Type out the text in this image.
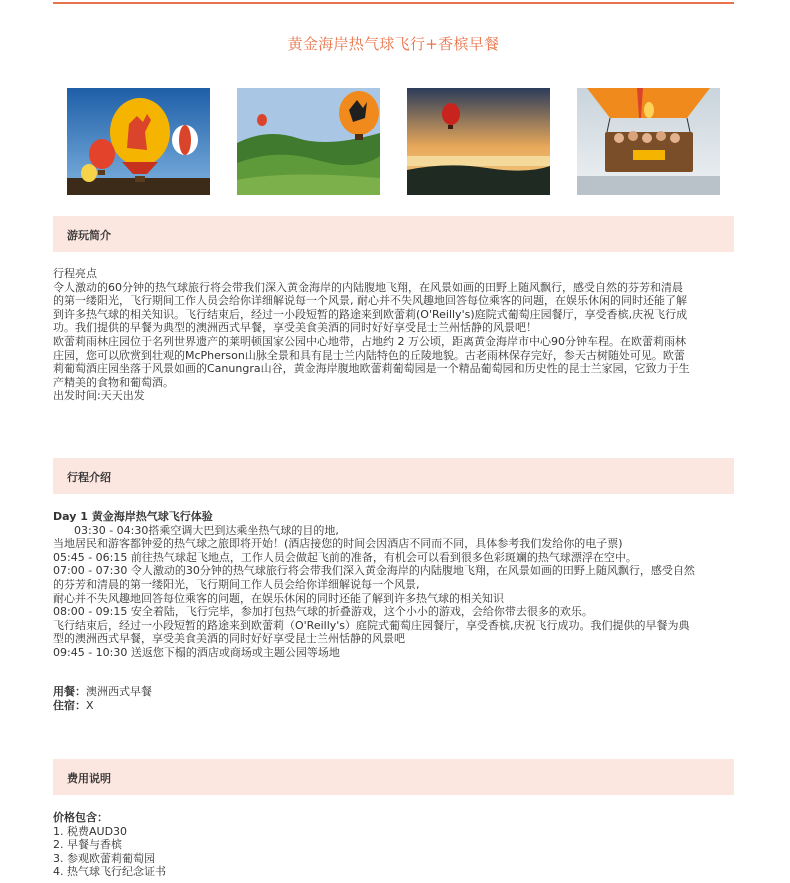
黄金海岸热气球飞行+香槟早餐
游玩简介

行程亮点

令人激动的60分钟的热气球旅行将会带我们深入黄金海岸的内陆腹地飞翔，在风景如画的田野上随风飘行，感受自然的芬芳和清晨

的第一缕阳光，飞行期间工作人员会给你详细解说每一个风景, 耐心并不失风趣地回答每位乘客的问题，在娱乐休闲的同时还能了解

到许多热气球的相关知识。飞行结束后，经过一小段短暂的路途来到欧蕾莉(O'Reilly's)庭院式葡萄庄园餐厅，享受香槟,庆祝飞行成

功。我们提供的早餐为典型的澳洲西式早餐，享受美食美酒的同时好好享受昆士兰州恬静的风景吧！

欧蕾莉雨林庄园位于名列世界遗产的莱明顿国家公园中心地带，占地约 2 万公顷，距离黄金海岸市中心90分钟车程。在欧蕾莉雨林

庄园，您可以欣赏到壮观的McPherson山脉全景和具有昆士兰内陆特色的丘陵地貌。古老雨林保存完好，参天古树随处可见。欧蕾

莉葡萄酒庄园坐落于风景如画的Canungra山谷，黄金海岸腹地欧蕾莉葡萄园是一个精品葡萄园和历史性的昆士兰家园，它致力于生

产精美的食物和葡萄酒。

出发时间:天天出发

行程介绍

Day 1 黄金海岸热气球飞行体验

03:30 - 04:30搭乘空调大巴到达乘坐热气球的目的地,

当地居民和游客都钟爱的热气球之旅即将开始！(酒店接您的时间会因酒店不同而不同，具体参考我们发给你的电子票)

05:45 - 06:15 前往热气球起飞地点，工作人员会做起飞前的准备，有机会可以看到很多色彩斑斓的热气球漂浮在空中。

07:00 - 07:30 令人激动的30分钟的热气球旅行将会带我们深入黄金海岸的内陆腹地飞翔，在风景如画的田野上随风飘行，感受自然

的芬芳和清晨的第一缕阳光，飞行期间工作人员会给你详细解说每一个风景,

耐心并不失风趣地回答每位乘客的问题，在娱乐休闲的同时还能了解到许多热气球的相关知识

08:00 - 09:15 安全着陆，飞行完毕，参加打包热气球的折叠游戏，这个小小的游戏，会给你带去很多的欢乐。

飞行结束后，经过一小段短暂的路途来到欧蕾莉（O'Reilly's）庭院式葡萄庄园餐厅，享受香槟,庆祝飞行成功。我们提供的早餐为典

型的澳洲西式早餐，享受美食美酒的同时好好享受昆士兰州恬静的风景吧

09:45 - 10:30 送返您下榻的酒店或商场或主题公园等场地

用餐：澳洲西式早餐

住宿：X

费用说明

价格包含：

1. 税费AUD30

2. 早餐与香槟

3. 参观欧蕾莉葡萄园

4. 热气球飞行纪念证书
